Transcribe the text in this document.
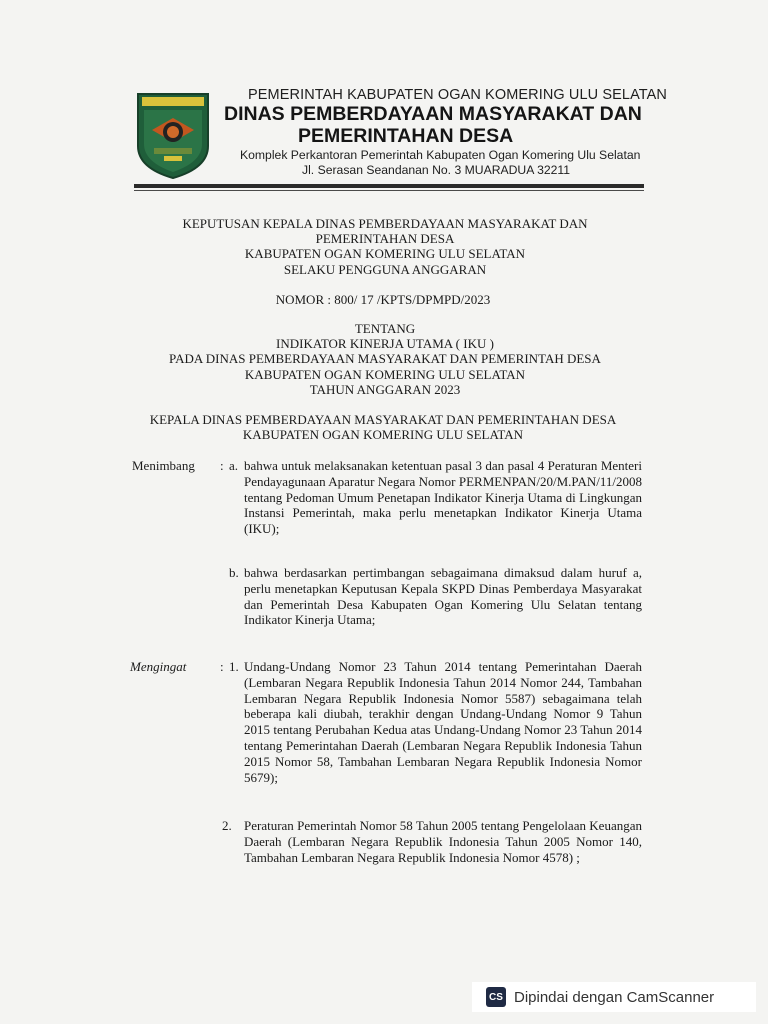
PEMERINTAH KABUPATEN OGAN KOMERING ULU SELATAN
DINAS PEMBERDAYAAN MASYARAKAT DAN
PEMERINTAHAN DESA
Komplek Perkantoran Pemerintah Kabupaten Ogan Komering Ulu Selatan
Jl. Serasan Seandanan No. 3 MUARADUA 32211
KEPUTUSAN KEPALA DINAS PEMBERDAYAAN MASYARAKAT DAN
PEMERINTAHAN DESA
KABUPATEN OGAN KOMERING ULU SELATAN
SELAKU PENGGUNA ANGGARAN
NOMOR : 800/ 17 /KPTS/DPMPD/2023
TENTANG
INDIKATOR KINERJA UTAMA ( IKU )
PADA DINAS PEMBERDAYAAN MASYARAKAT DAN PEMERINTAH DESA
KABUPATEN OGAN KOMERING ULU SELATAN
TAHUN ANGGARAN 2023
KEPALA DINAS PEMBERDAYAAN MASYARAKAT DAN PEMERINTAHAN DESA
KABUPATEN OGAN KOMERING ULU SELATAN
Menimbang : a. bahwa untuk melaksanakan ketentuan pasal 3 dan pasal 4 Peraturan Menteri Pendayagunaan Aparatur Negara Nomor PERMENPAN/20/M.PAN/11/2008 tentang Pedoman Umum Penetapan Indikator Kinerja Utama di Lingkungan Instansi Pemerintah, maka perlu menetapkan Indikator Kinerja Utama (IKU);
b. bahwa berdasarkan pertimbangan sebagaimana dimaksud dalam huruf a, perlu menetapkan Keputusan Kepala SKPD Dinas Pemberdaya Masyarakat dan Pemerintah Desa Kabupaten Ogan Komering Ulu Selatan tentang Indikator Kinerja Utama;
Mengingat	: 1. Undang-Undang Nomor 23 Tahun 2014 tentang Pemerintahan Daerah (Lembaran Negara Republik Indonesia Tahun 2014 Nomor 244, Tambahan Lembaran Negara Republik Indonesia Nomor 5587) sebagaimana telah beberapa kali diubah, terakhir dengan Undang-Undang Nomor 9 Tahun 2015 tentang Perubahan Kedua atas Undang-Undang Nomor 23 Tahun 2014 tentang Pemerintahan Daerah (Lembaran Negara Republik Indonesia Tahun 2015 Nomor 58, Tambahan Lembaran Negara Republik Indonesia Nomor 5679);
2. Peraturan Pemerintah Nomor 58 Tahun 2005 tentang Pengelolaan Keuangan Daerah (Lembaran Negara Republik Indonesia Tahun 2005 Nomor 140, Tambahan Lembaran Negara Republik Indonesia Nomor 4578) ;
CS Dipindai dengan CamScanner
